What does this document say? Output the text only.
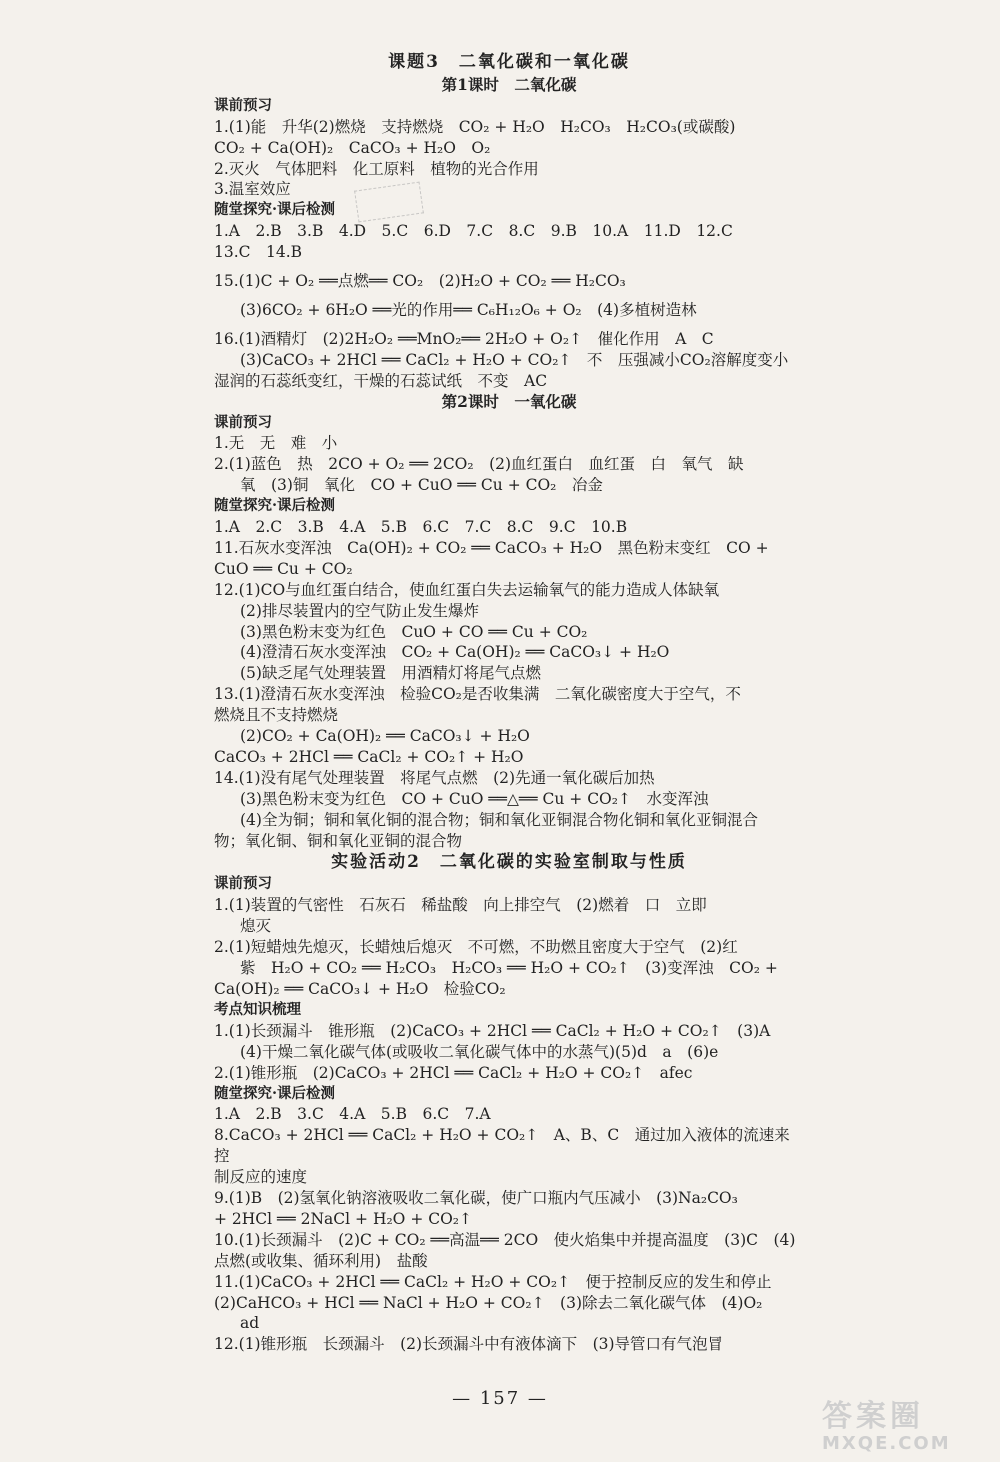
课题3　二氧化碳和一氧化碳
第1课时　二氧化碳
课前预习
1.(1)能　升华(2)燃烧　支持燃烧　CO₂ + H₂O　H₂CO₃　H₂CO₃(或碳酸)
CO₂ + Ca(OH)₂　CaCO₃ + H₂O　O₂
2.灭火　气体肥料　化工原料　植物的光合作用
3.温室效应
随堂探究·课后检测
1.A　2.B　3.B　4.D　5.C　6.D　7.C　8.C　9.B　10.A　11.D　12.C
13.C　14.B
15.(1)C + O₂ ══点燃══ CO₂　(2)H₂O + CO₂ ══ H₂CO₃
(3)6CO₂ + 6H₂O ══光的作用══ C₆H₁₂O₆ + O₂　(4)多植树造林
16.(1)酒精灯　(2)2H₂O₂ ══MnO₂══ 2H₂O + O₂↑　催化作用　A　C
(3)CaCO₃ + 2HCl ══ CaCl₂ + H₂O + CO₂↑　不　压强减小CO₂溶解度变小
湿润的石蕊纸变红，干燥的石蕊试纸　不变　AC
第2课时　一氧化碳
课前预习
1.无　无　难　小
2.(1)蓝色　热　2CO + O₂ ══ 2CO₂　(2)血红蛋白　血红蛋　白　氧气　缺
氧　(3)铜　氧化　CO + CuO ══ Cu + CO₂　冶金
随堂探究·课后检测
1.A　2.C　3.B　4.A　5.B　6.C　7.C　8.C　9.C　10.B
11.石灰水变浑浊　Ca(OH)₂ + CO₂ ══ CaCO₃ + H₂O　黑色粉末变红　CO +
CuO ══ Cu + CO₂
12.(1)CO与血红蛋白结合，使血红蛋白失去运输氧气的能力造成人体缺氧
(2)排尽装置内的空气防止发生爆炸
(3)黑色粉末变为红色　CuO + CO ══ Cu + CO₂
(4)澄清石灰水变浑浊　CO₂ + Ca(OH)₂ ══ CaCO₃↓ + H₂O
(5)缺乏尾气处理装置　用酒精灯将尾气点燃
13.(1)澄清石灰水变浑浊　检验CO₂是否收集满　二氧化碳密度大于空气，不
燃烧且不支持燃烧
(2)CO₂ + Ca(OH)₂ ══ CaCO₃↓ + H₂O
CaCO₃ + 2HCl ══ CaCl₂ + CO₂↑ + H₂O
14.(1)没有尾气处理装置　将尾气点燃　(2)先通一氧化碳后加热
(3)黑色粉末变为红色　CO + CuO ══△══ Cu + CO₂↑　水变浑浊
(4)全为铜；铜和氧化铜的混合物；铜和氧化亚铜混合物化铜和氧化亚铜混合
物；氧化铜、铜和氧化亚铜的混合物
实验活动2　二氧化碳的实验室制取与性质
课前预习
1.(1)装置的气密性　石灰石　稀盐酸　向上排空气　(2)燃着　口　立即
熄灭
2.(1)短蜡烛先熄灭，长蜡烛后熄灭　不可燃，不助燃且密度大于空气　(2)红
紫　H₂O + CO₂ ══ H₂CO₃　H₂CO₃ ══ H₂O + CO₂↑　(3)变浑浊　CO₂ +
Ca(OH)₂ ══ CaCO₃↓ + H₂O　检验CO₂
考点知识梳理
1.(1)长颈漏斗　锥形瓶　(2)CaCO₃ + 2HCl ══ CaCl₂ + H₂O + CO₂↑　(3)A
(4)干燥二氧化碳气体(或吸收二氧化碳气体中的水蒸气)(5)d　a　(6)e
2.(1)锥形瓶　(2)CaCO₃ + 2HCl ══ CaCl₂ + H₂O + CO₂↑　afec
随堂探究·课后检测
1.A　2.B　3.C　4.A　5.B　6.C　7.A
8.CaCO₃ + 2HCl ══ CaCl₂ + H₂O + CO₂↑　A、B、C　通过加入液体的流速来控
制反应的速度
9.(1)B　(2)氢氧化钠溶液吸收二氧化碳，使广口瓶内气压减小　(3)Na₂CO₃
+ 2HCl ══ 2NaCl + H₂O + CO₂↑
10.(1)长颈漏斗　(2)C + CO₂ ══高温══ 2CO　使火焰集中并提高温度　(3)C　(4)
点燃(或收集、循环利用)　盐酸
11.(1)CaCO₃ + 2HCl ══ CaCl₂ + H₂O + CO₂↑　便于控制反应的发生和停止
(2)CaHCO₃ + HCl ══ NaCl + H₂O + CO₂↑　(3)除去二氧化碳气体　(4)O₂
ad
12.(1)锥形瓶　长颈漏斗　(2)长颈漏斗中有液体滴下　(3)导管口有气泡冒
— 157 —
答案圈
MXQE.COM
